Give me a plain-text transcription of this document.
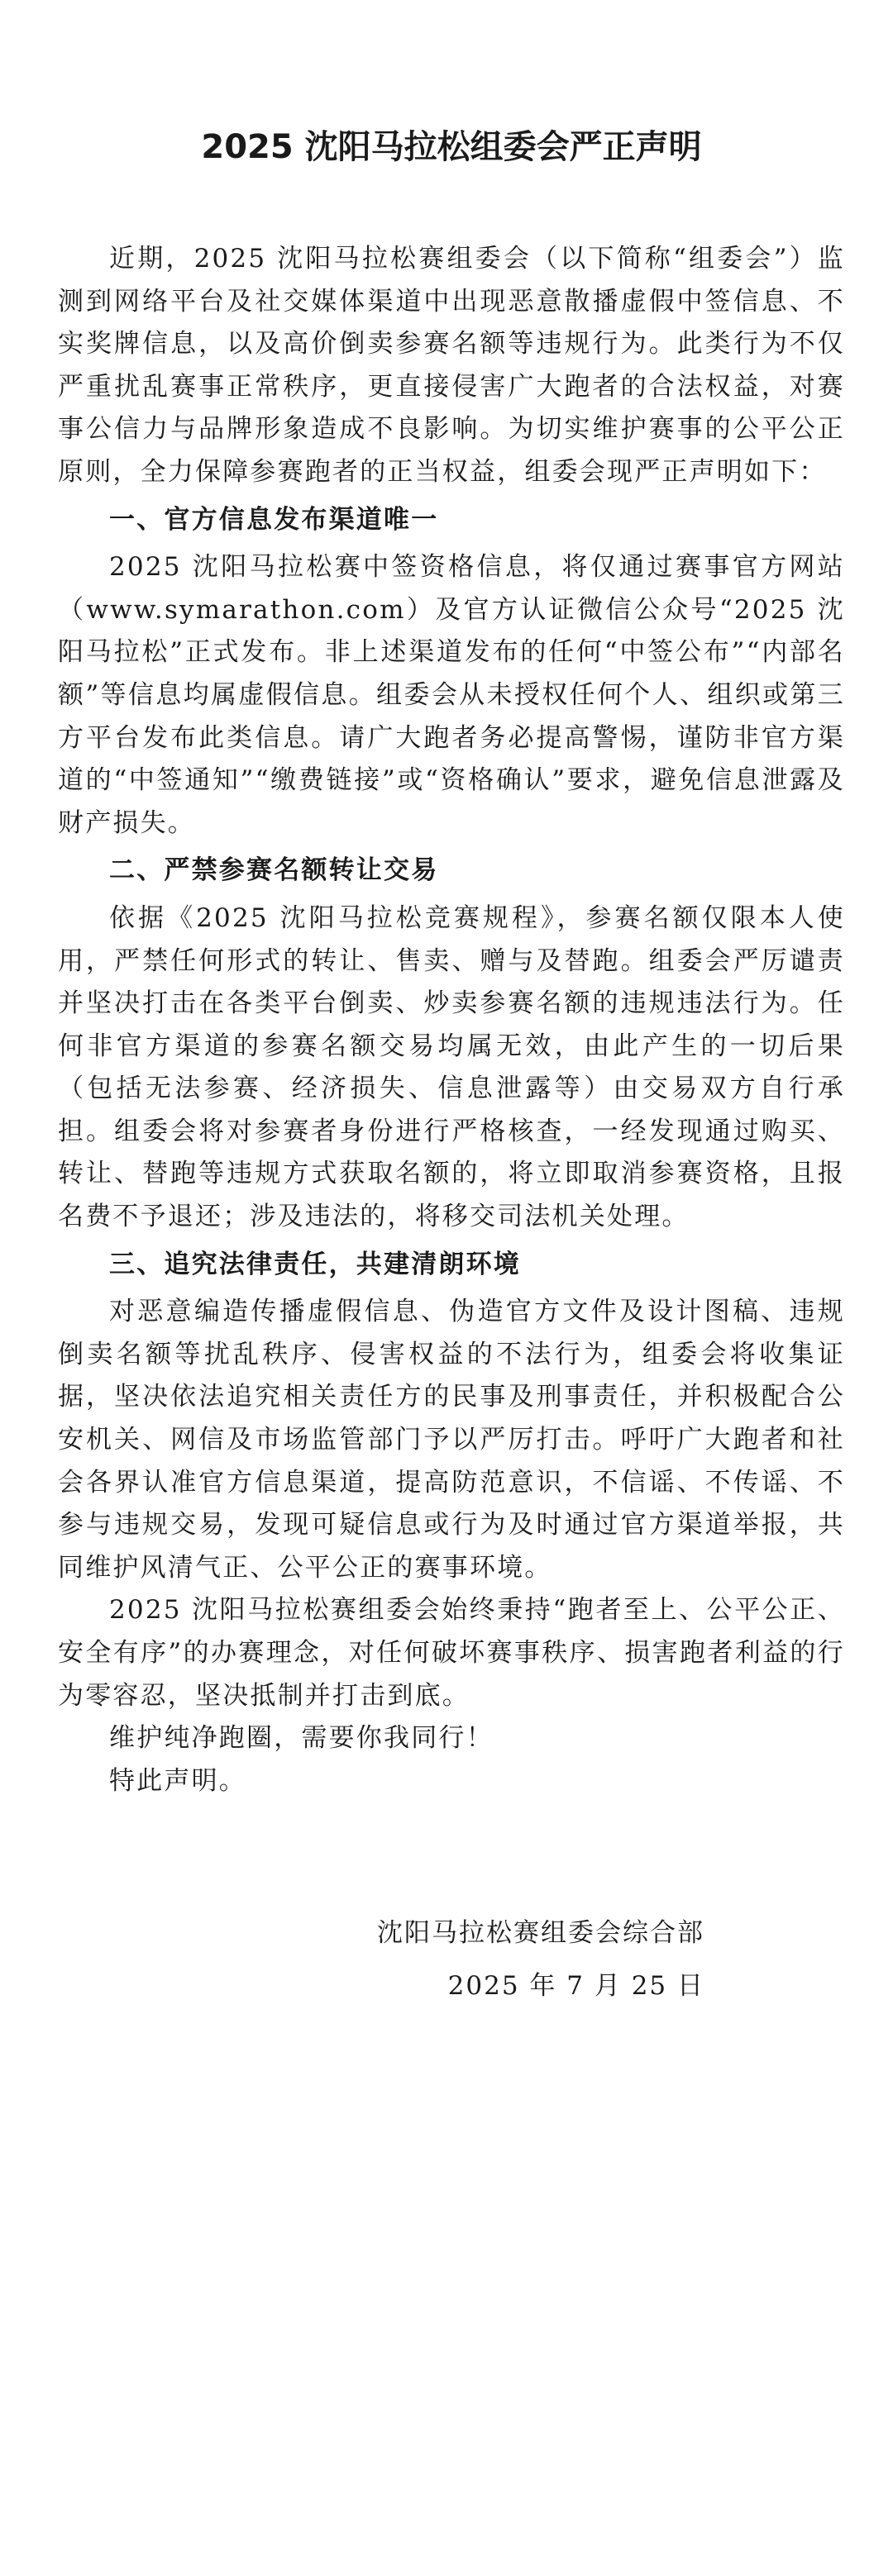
2025 沈阳马拉松组委会严正声明

近期，2025 沈阳马拉松赛组委会（以下简称“组委会”）监测到网络平台及社交媒体渠道中出现恶意散播虚假中签信息、不实奖牌信息，以及高价倒卖参赛名额等违规行为。此类行为不仅严重扰乱赛事正常秩序，更直接侵害广大跑者的合法权益，对赛事公信力与品牌形象造成不良影响。为切实维护赛事的公平公正原则，全力保障参赛跑者的正当权益，组委会现严正声明如下：

一、官方信息发布渠道唯一

2025 沈阳马拉松赛中签资格信息，将仅通过赛事官方网站（www.symarathon.com）及官方认证微信公众号“2025 沈阳马拉松”正式发布。非上述渠道发布的任何“中签公布”“内部名额”等信息均属虚假信息。组委会从未授权任何个人、组织或第三方平台发布此类信息。请广大跑者务必提高警惕，谨防非官方渠道的“中签通知”“缴费链接”或“资格确认”要求，避免信息泄露及财产损失。

二、严禁参赛名额转让交易

依据《2025 沈阳马拉松竞赛规程》，参赛名额仅限本人使用，严禁任何形式的转让、售卖、赠与及替跑。组委会严厉谴责并坚决打击在各类平台倒卖、炒卖参赛名额的违规违法行为。任何非官方渠道的参赛名额交易均属无效，由此产生的一切后果（包括无法参赛、经济损失、信息泄露等）由交易双方自行承担。组委会将对参赛者身份进行严格核查，一经发现通过购买、转让、替跑等违规方式获取名额的，将立即取消参赛资格，且报名费不予退还；涉及违法的，将移交司法机关处理。

三、追究法律责任，共建清朗环境

对恶意编造传播虚假信息、伪造官方文件及设计图稿、违规倒卖名额等扰乱秩序、侵害权益的不法行为，组委会将收集证据，坚决依法追究相关责任方的民事及刑事责任，并积极配合公安机关、网信及市场监管部门予以严厉打击。呼吁广大跑者和社会各界认准官方信息渠道，提高防范意识，不信谣、不传谣、不参与违规交易，发现可疑信息或行为及时通过官方渠道举报，共同维护风清气正、公平公正的赛事环境。

2025 沈阳马拉松赛组委会始终秉持“跑者至上、公平公正、安全有序”的办赛理念，对任何破坏赛事秩序、损害跑者利益的行为零容忍，坚决抵制并打击到底。

维护纯净跑圈，需要你我同行！

特此声明。

沈阳马拉松赛组委会综合部

2025 年 7 月 25 日
